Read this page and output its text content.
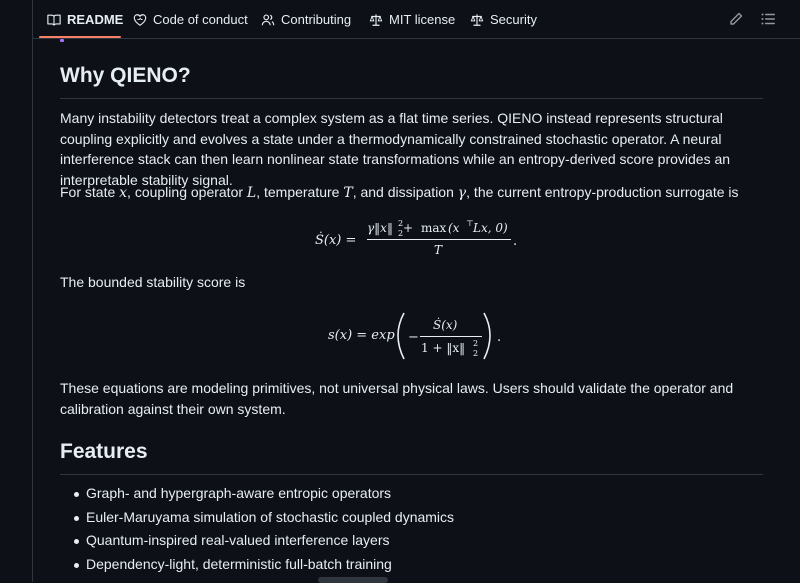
README Code of conduct	Contributing	MIT license	Security
Why QIENO?

Many instability detectors treat a complex system as a flat time series. QIENO instead represents structural coupling explicitly and evolves a state under a thermodynamically constrained stochastic operator. A neural interference stack can then learn nonlinear state transformations while an entropy-derived score provides an interpretable stability signal.

For state x, coupling operator L, temperature T, and dissipation γ, the current entropy-production surrogate is

Ṡ(x) =
γ‖x‖ 2
2 + max (x ⊤ Lx, 0)
T
.

The bounded stability score is

s(x) = exp −
Ṡ(x)
1 + ‖x‖ 2
2
.

These equations are modeling primitives, not universal physical laws. Users should validate the operator and calibration against their own system.

Features
Graph- and hypergraph-aware entropic operators
Euler-Maruyama simulation of stochastic coupled dynamics
Quantum-inspired real-valued interference layers
Dependency-light, deterministic full-batch training
